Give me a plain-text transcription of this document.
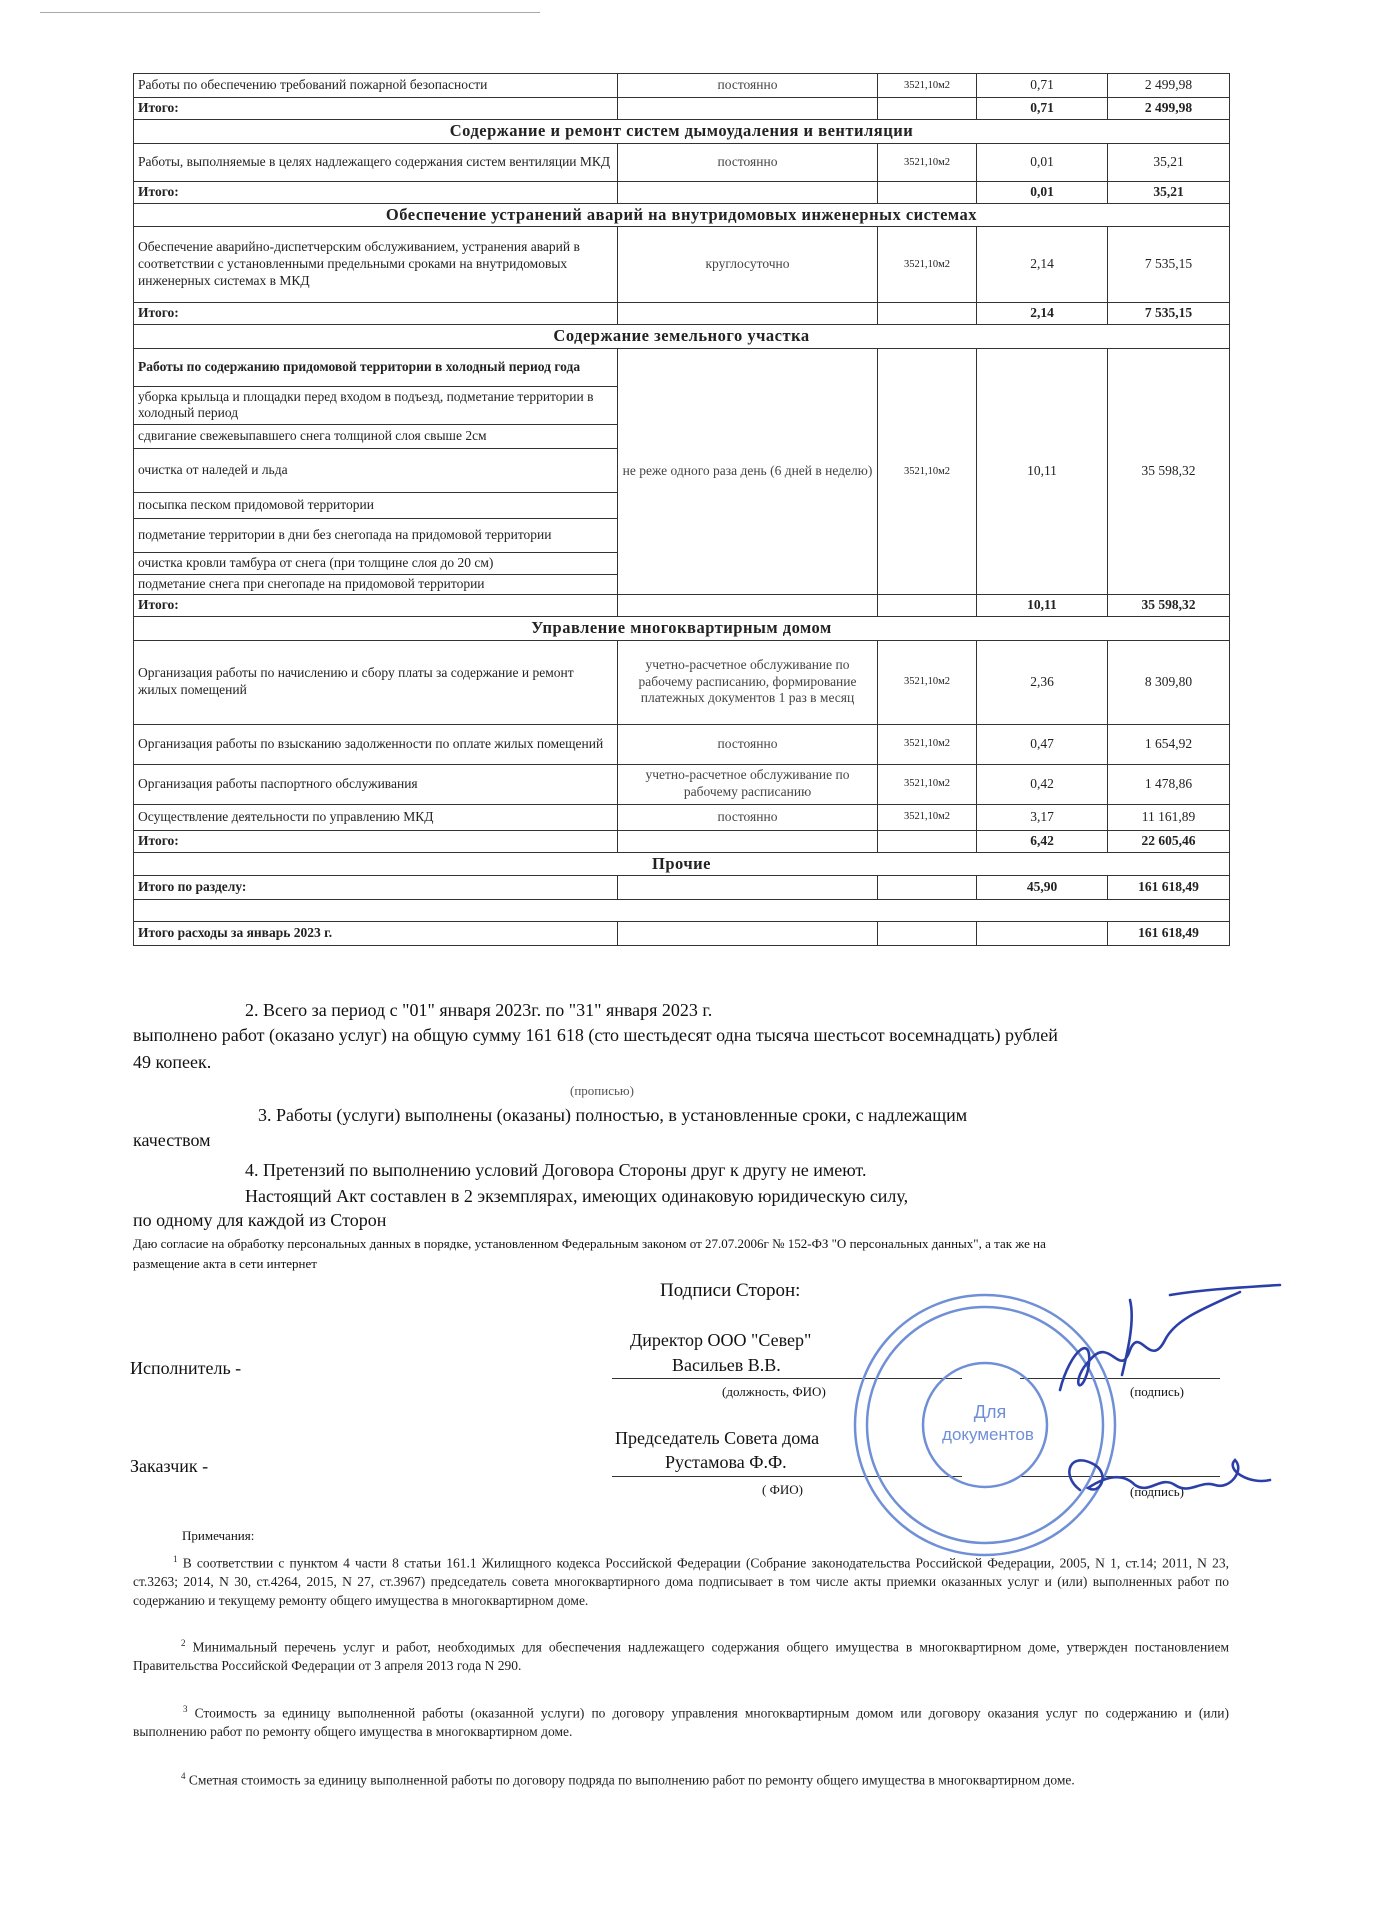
Работы по обеспечению требований пожарной безопасности	постоянно	3521,10м2	0,71	2 499,98
Итого:			0,71	2 499,98
Содержание и ремонт систем дымоудаления и вентиляции				
Работы, выполняемые в целях надлежащего содержания систем вентиляции МКД	постоянно	3521,10м2	0,01	35,21
Итого:			0,01	35,21
Обеспечение устранений аварий на внутридомовых инженерных системах				
Обеспечение аварийно-диспетчерским обслуживанием, устранения аварий в соответствии с установленными предельными сроками на внутридомовых инженерных системах в МКД	круглосуточно	3521,10м2	2,14	7 535,15
Итого:			2,14	7 535,15
Содержание земельного участка				
Работы по содержанию придомовой территории в холодный период года	не реже одного раза день (6 дней в неделю)	3521,10м2	10,11	35 598,32
уборка крыльца и площадки перед входом в подъезд, подметание территории в холодный период				
сдвигание свежевыпавшего снега толщиной слоя свыше 2см				
очистка от наледей и льда				
посыпка песком придомовой территории				
подметание территории в дни без снегопада на придомовой территории				
очистка кровли тамбура от снега (при толщине слоя до 20 см)				
подметание снега при снегопаде на придомовой территории				
Итого:			10,11	35 598,32
Управление многоквартирным домом				
Организация работы по начислению и сбору платы за содержание и ремонт жилых помещений	учетно-расчетное обслуживание по рабочему расписанию, формирование платежных документов 1 раз в месяц	3521,10м2	2,36	8 309,80
Организация работы по взысканию задолженности по оплате жилых помещений	постоянно	3521,10м2	0,47	1 654,92
Организация работы паспортного обслуживания	учетно-расчетное обслуживание по рабочему расписанию	3521,10м2	0,42	1 478,86
Осуществление деятельности по управлению МКД	постоянно	3521,10м2	3,17	11 161,89
Итого:			6,42	22 605,46
Прочие				
Итого по разделу:			45,90	161 618,49

Итого расходы за январь 2023 г.				161 618,49
2. Всего за период с "01" января 2023г. по "31" января 2023 г.
выполнено работ (оказано услуг) на общую сумму 161 618 (сто шестьдесят одна тысяча шестьсот восемнадцать) рублей
49 копеек.
(прописью)
3. Работы (услуги) выполнены (оказаны) полностью, в установленные сроки, с надлежащим
качеством
4. Претензий по выполнению условий Договора Стороны друг к другу не имеют.
Настоящий Акт составлен в 2 экземплярах, имеющих одинаковую юридическую силу,
по одному для каждой из Сторон
Даю согласие на обработку персональных данных в порядке, установленном Федеральным законом от 27.07.2006г № 152-ФЗ "О персональных данных", а так же на
размещение акта в сети интернет
Подписи Сторон:
Исполнитель -
Директор ООО "Север"
Васильев В.В.
(должность, ФИО)	(подпись)
Заказчик -
Председатель Совета дома
Рустамова Ф.Ф.
( ФИО)	(подпись)
Для
документов
Примечания:
$^1$ В соответствии с пунктом 4 части 8 статьи 161.1 Жилищного кодекса Российской Федерации (Собрание законодательства Российской Федерации, 2005, N 1, ст.14; 2011, N 23, ст.3263; 2014, N 30, ст.4264, 2015, N 27, ст.3967) председатель совета многоквартирного дома подписывает в том числе акты приемки оказанных услуг и (или) выполненных работ по содержанию и текущему ремонту общего имущества в многоквартирном доме.
$^2$ Минимальный перечень услуг и работ, необходимых для обеспечения надлежащего содержания общего имущества в многоквартирном доме, утвержден постановлением Правительства Российской Федерации от 3 апреля 2013 года N 290.
$^3$ Стоимость за единицу выполненной работы (оказанной услуги) по договору управления многоквартирным домом или договору оказания услуг по содержанию и (или) выполнению работ по ремонту общего имущества в многоквартирном доме.
$^4$ Сметная стоимость за единицу выполненной работы по договору подряда по выполнению работ по ремонту общего имущества в многоквартирном доме.
